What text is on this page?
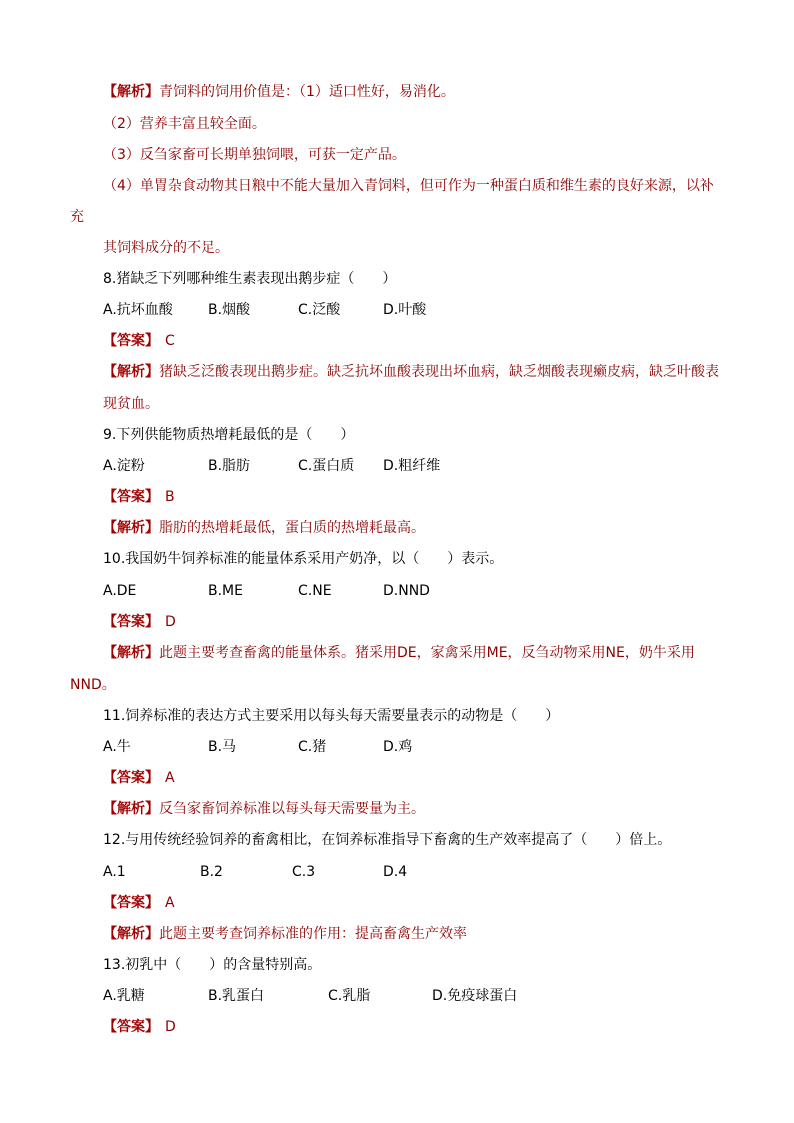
【解析】青饲料的饲用价值是：（1）适口性好，易消化。
（2）营养丰富且较全面。
（3）反刍家畜可长期单独饲喂，可获一定产品。
（4）单胃杂食动物其日粮中不能大量加入青饲料，但可作为一种蛋白质和维生素的良好来源，以补
充
其饲料成分的不足。
8.猪缺乏下列哪种维生素表现出鹅步症（　　）
A.抗坏血酸	B.烟酸	C.泛酸	D.叶酸
【答案】 C
【解析】猪缺乏泛酸表现出鹅步症。缺乏抗坏血酸表现出坏血病，缺乏烟酸表现癞皮病，缺乏叶酸表
现贫血。
9.下列供能物质热增耗最低的是（　　）
A.淀粉	B.脂肪	C.蛋白质 D.粗纤维
【答案】 B
【解析】脂肪的热增耗最低，蛋白质的热增耗最高。
10.我国奶牛饲养标准的能量体系采用产奶净，以（　　）表示。
A.DE	B.ME	C.NE	D.NND
【答案】 D
【解析】此题主要考查畜禽的能量体系。猪采用DE，家禽采用ME，反刍动物采用NE，奶牛采用
NND。
11.饲养标准的表达方式主要采用以每头每天需要量表示的动物是（　　）
A.牛	B.马	C.猪	D.鸡
【答案】 A
【解析】反刍家畜饲养标准以每头每天需要量为主。
12.与用传统经验饲养的畜禽相比，在饲养标准指导下畜禽的生产效率提高了（　　）倍上。
A.1	B.2	C.3	D.4
【答案】 A
【解析】此题主要考查饲养标准的作用：提高畜禽生产效率
13.初乳中（　　）的含量特别高。
A.乳糖	B.乳蛋白	C.乳脂	D.免疫球蛋白
【答案】 D
